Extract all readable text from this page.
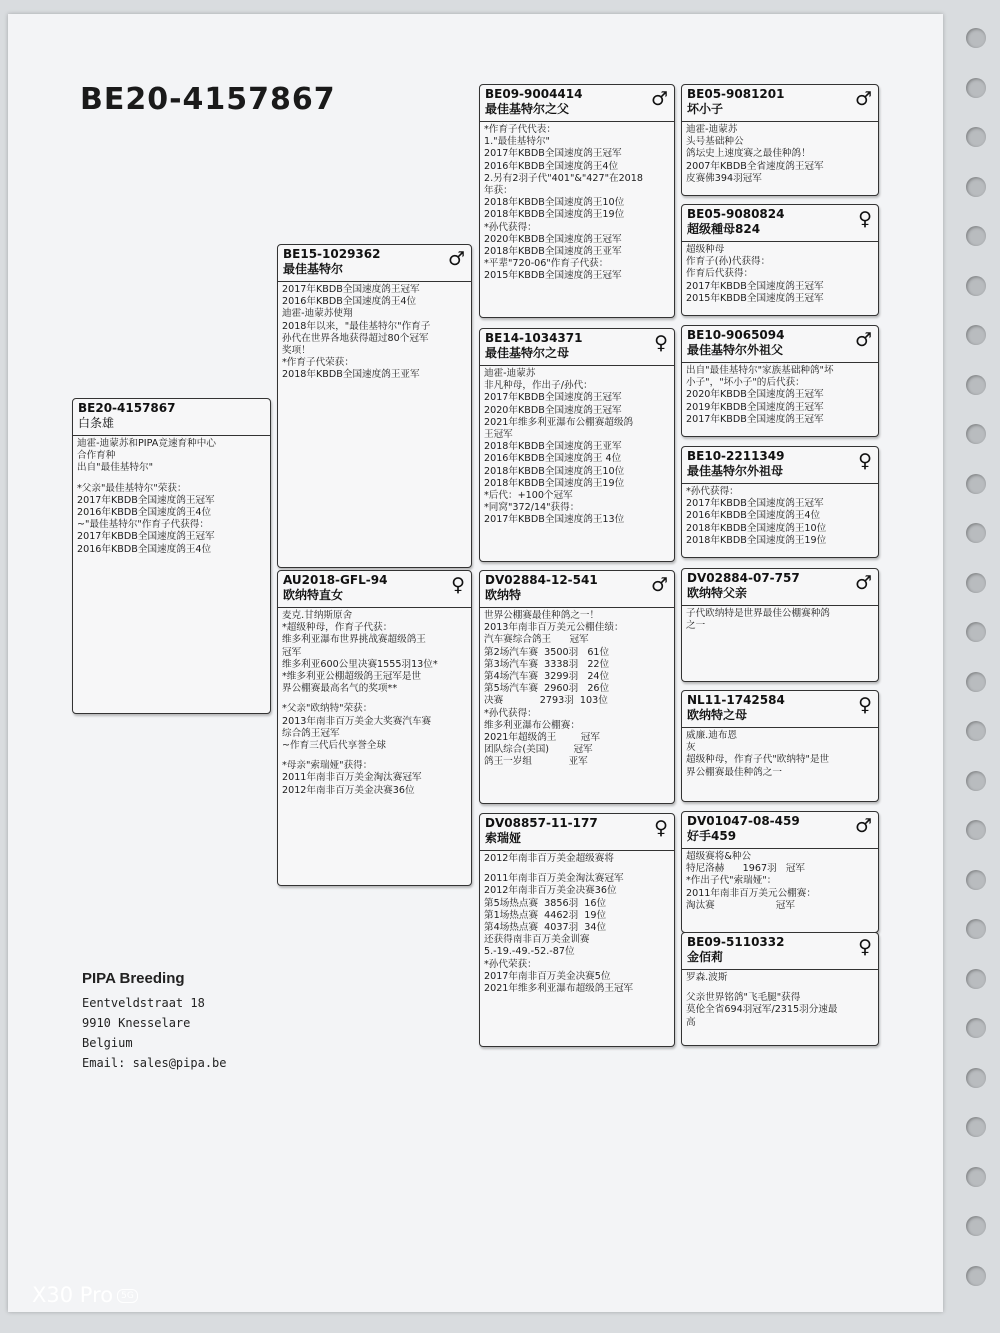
BE20-4157867
BE20-4157867
白条雄
迪霍-迪蒙苏和PIPA竞速育种中心
合作育种
出自"最佳基特尔"
*父亲"最佳基特尔"荣获：
2017年KBDB全国速度鸽王冠军
2016年KBDB全国速度鸽王4位
~"最佳基特尔"作育子代获得：
2017年KBDB全国速度鸽王冠军
2016年KBDB全国速度鸽王4位
BE15-1029362
最佳基特尔	♂
2017年KBDB全国速度鸽王冠军
2016年KBDB全国速度鸽王4位
迪霍-迪蒙苏使翔
2018年以来，"最佳基特尔"作育子
孙代在世界各地获得超过80个冠军
奖项！
*作育子代荣获：
2018年KBDB全国速度鸽王亚军
AU2018-GFL-94
欧纳特直女	♀
麦克.甘纳斯原舍
*超级种母，作育子代获：
维多利亚瀑布世界挑战赛超级鸽王
冠军
维多利亚600公里决赛1555羽13位*
*维多利亚公棚超级鸽王冠军是世
界公棚赛最高名气的奖项**
*父亲"欧纳特"荣获：
2013年南非百万美金大奖赛汽车赛
综合鸽王冠军
~作育三代后代享誉全球
*母亲"索瑞娅"获得：
2011年南非百万美金淘汰赛冠军
2012年南非百万美金决赛36位
BE09-9004414
最佳基特尔之父	♂
*作育子代代表：
1."最佳基特尔"
2017年KBDB全国速度鸽王冠军
2016年KBDB全国速度鸽王4位
2.另有2羽子代"401"&"427"在2018
年获：
2018年KBDB全国速度鸽王10位
2018年KBDB全国速度鸽王19位
*孙代获得：
2020年KBDB全国速度鸽王冠军
2018年KBDB全国速度鸽王亚军
*平辈"720-06"作育子代获：
2015年KBDB全国速度鸽王冠军
BE14-1034371
最佳基特尔之母	♀
迪霍-迪蒙苏
非凡种母，作出子/孙代：
2017年KBDB全国速度鸽王冠军
2020年KBDB全国速度鸽王冠军
2021年维多利亚瀑布公棚赛超级鸽
王冠军
2018年KBDB全国速度鸽王亚军
2016年KBDB全国速度鸽王 4位
2018年KBDB全国速度鸽王10位
2018年KBDB全国速度鸽王19位
*后代：+100个冠军
*同窝"372/14"获得：
2017年KBDB全国速度鸽王13位
DV02884-12-541
欧纳特	♂
世界公棚赛最佳种鸽之一！
2013年南非百万美元公棚佳绩：
汽车赛综合鸽王      冠军
第2场汽车赛  3500羽   61位
第3场汽车赛  3338羽   22位
第4场汽车赛  3299羽   24位
第5场汽车赛  2960羽   26位
决赛            2793羽  103位
*孙代获得：
维多利亚瀑布公棚赛：
2021年超级鸽王        冠军
团队综合(美国)        冠军
鸽王一岁组            亚军
DV08857-11-177
索瑞娅	♀
2012年南非百万美金超级赛将
2011年南非百万美金淘汰赛冠军
2012年南非百万美金决赛36位
第5场热点赛  3856羽  16位
第1场热点赛  4462羽  19位
第4场热点赛  4037羽  34位
还获得南非百万美金训赛
5.-19.-49.-52.-87位
*孙代荣获：
2017年南非百万美金决赛5位
2021年维多利亚瀑布超级鸽王冠军
BE05-9081201
坏小子	♂
迪霍-迪蒙苏
头号基础种公
鸽坛史上速度赛之最佳种鸽！
2007年KBDB全省速度鸽王冠军
皮赛佛394羽冠军
BE05-9080824
超级種母824	♀
超级种母
作育子(孙)代获得：
作育后代获得：
2017年KBDB全国速度鸽王冠军
2015年KBDB全国速度鸽王冠军
BE10-9065094
最佳基特尔外祖父	♂
出自"最佳基特尔"家族基础种鸽"坏
小子"，"坏小子"的后代获：
2020年KBDB全国速度鸽王冠军
2019年KBDB全国速度鸽王冠军
2017年KBDB全国速度鸽王冠军
BE10-2211349
最佳基特尔外祖母	♀
*孙代获得：
2017年KBDB全国速度鸽王冠军
2016年KBDB全国速度鸽王4位
2018年KBDB全国速度鸽王10位
2018年KBDB全国速度鸽王19位
DV02884-07-757
欧纳特父亲	♂
子代欧纳特是世界最佳公棚赛种鸽
之一
NL11-1742584
欧纳特之母	♀
威廉.迪布恩
灰
超级种母，作育子代"欧纳特"是世
界公棚赛最佳种鸽之一
DV01047-08-459
好手459	♂
超级赛将&种公
特尼洛赫      1967羽   冠军
*作出子代"索瑞娅"：
2011年南非百万美元公棚赛：
淘汰赛                    冠军
BE09-5110332
金佰莉	♀
罗森.波斯
父亲世界铭鸽"飞毛腿"获得
莫伦全省694羽冠军/2315羽分速最
高
PIPA Breeding
Eentveldstraat 18
9910 Knesselare
Belgium
Email: sales@pipa.be
X30 Pro 5G
